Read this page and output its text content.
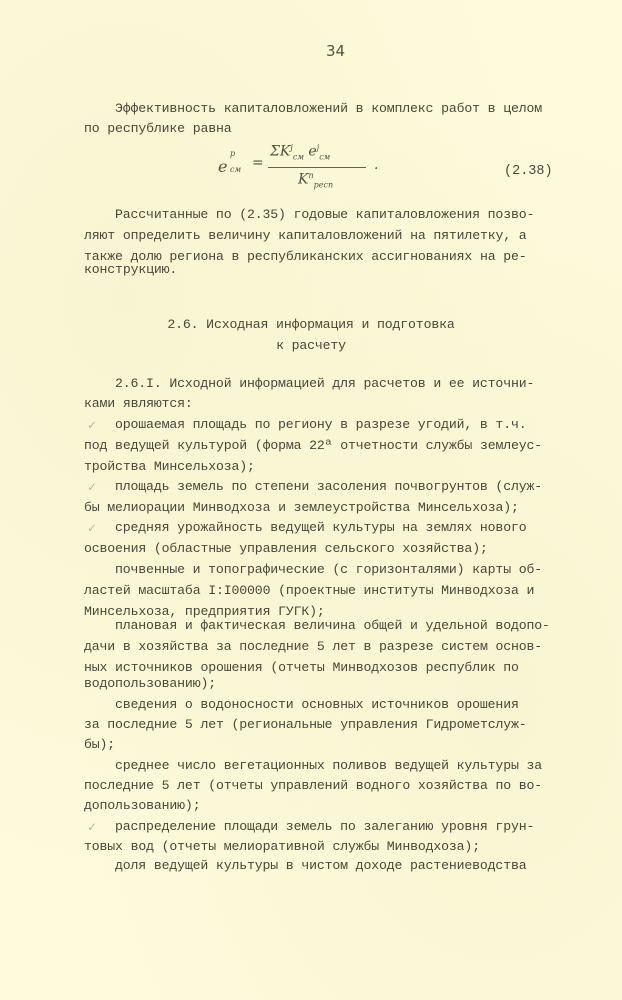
34
Эффективность капиталовложений в комплекс работ в целом
по республике равна
e
р
см =
$\Sigma K^j_{см}$ $e^j_{см}$
$K^п_{респ}$
.	(2.38)
Рассчитанные по (2.35) годовые капиталовложения позво-
ляют определить величину капиталовложений на пятилетку, а
также долю региона в республиканских ассигнованиях на ре-
конструкцию.
2.6. Исходная информация и подготовка
к расчету
2.6.I. Исходной информацией для расчетов и ее источни-
ками являются:
✓ орошаемая площадь по региону в разрезе угодий, в т.ч.
под ведущей культурой (форма 22ª отчетности службы землеус-
тройства Минсельхоза);
✓ площадь земель по степени засоления почвогрунтов (служ-
бы мелиорации Минводхоза и землеустройства Минсельхоза);
✓ средняя урожайность ведущей культуры на землях нового
освоения (областные управления сельского хозяйства);
почвенные и топографические (с горизонталями) карты об-
ластей масштаба I:I00000 (проектные институты Минводхоза и
Минсельхоза, предприятия ГУГК);
плановая и фактическая величина общей и удельной водопо-
дачи в хозяйства за последние 5 лет в разрезе систем основ-
ных источников орошения (отчеты Минводхозов республик по
водопользованию);
сведения о водоносности основных источников орошения
за последние 5 лет (региональные управления Гидрометслуж-
бы);
среднее число вегетационных поливов ведущей культуры за
последние 5 лет (отчеты управлений водного хозяйства по во-
допользованию);
✓ распределение площади земель по залеганию уровня грун-
товых вод (отчеты мелиоративной службы Минводхоза);
доля ведущей культуры в чистом доходе растениеводства
